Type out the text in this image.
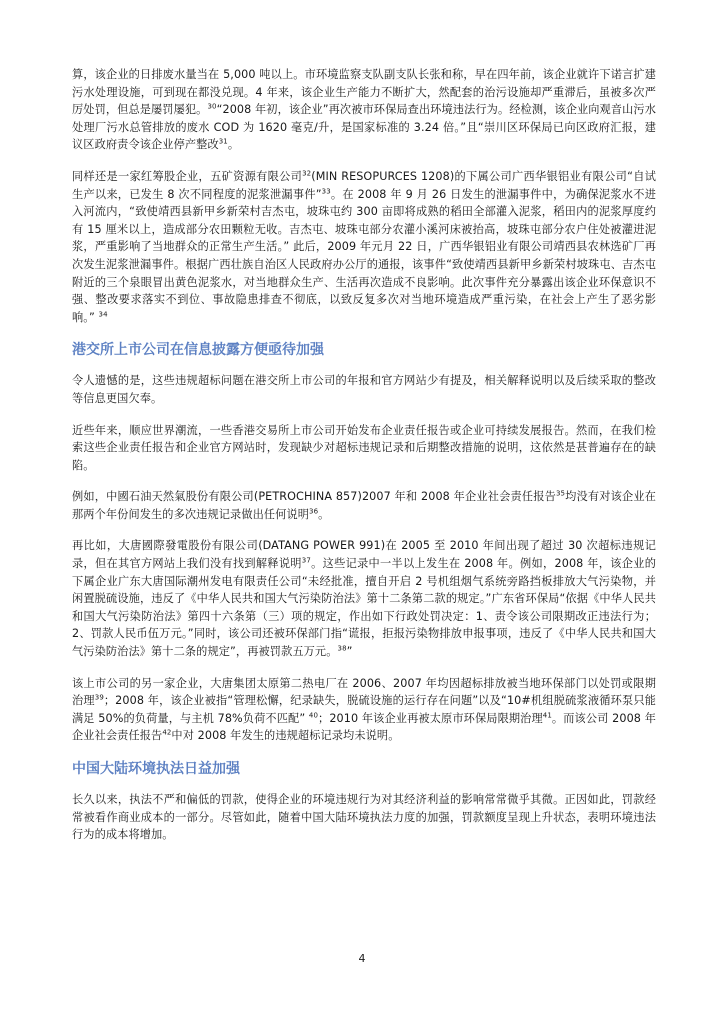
算，该企业的日排废水量当在 5,000 吨以上。市环境监察支队副支队长张和称，早在四年前，该企业就许下诺言扩建污水处理设施，可到现在都没兑现。4 年来，该企业生产能力不断扩大，然配套的治污设施却严重滞后，虽被多次严厉处罚，但总是屡罚屡犯。$^{30}$“2008 年初，该企业”再次被市环保局查出环境违法行为。经检测，该企业向观音山污水处理厂污水总管排放的废水 COD 为 1620 毫克/升，是国家标准的 3.24 倍。”且“崇川区环保局已向区政府汇报，建议区政府责令该企业停产整改$^{31}$。

同样还是一家红筹股企业，五矿资源有限公司$^{32}$(MIN RESOPURCES 1208)的下属公司广西华银铝业有限公司“自试生产以来，已发生 8 次不同程度的泥浆泄漏事件”$^{33}$。在 2008 年 9 月 26 日发生的泄漏事件中，为确保泥浆水不进入河流内，“致使靖西县新甲乡新荣村吉杰屯，坡珠屯约 300 亩即将成熟的稻田全部灌入泥浆，稻田内的泥浆厚度约有 15 厘米以上，造成部分农田颗粒无收。吉杰屯、坡珠屯部分农灌小溪河床被抬高，坡珠屯部分农户住处被灌进泥浆，严重影响了当地群众的正常生产生活。” 此后，2009 年元月 22 日，广西华银铝业有限公司靖西县农林选矿厂再次发生泥浆泄漏事件。根据广西壮族自治区人民政府办公厅的通报，该事件“致使靖西县新甲乡新荣村坡珠屯、吉杰屯附近的三个泉眼冒出黄色泥浆水，对当地群众生产、生活再次造成不良影响。此次事件充分暴露出该企业环保意识不强、整改要求落实不到位、事故隐患排查不彻底，以致反复多次对当地环境造成严重污染，在社会上产生了恶劣影响。” $^{34}$

港交所上市公司在信息披露方便亟待加强

令人遗憾的是，这些违规超标问题在港交所上市公司的年报和官方网站少有提及，相关解释说明以及后续采取的整改等信息更国欠奉。

近些年来，顺应世界潮流，一些香港交易所上市公司开始发布企业责任报告或企业可持续发展报告。然而，在我们检索这些企业责任报告和企业官方网站时，发现缺少对超标违规记录和后期整改措施的说明，这依然是甚普遍存在的缺陷。

例如，中國石油天然氣股份有限公司(PETROCHINA 857)2007 年和 2008 年企业社会责任报告$^{35}$均没有对该企业在那两个年份间发生的多次违规记录做出任何说明$^{36}$。

再比如，大唐國際發電股份有限公司(DATANG POWER 991)在 2005 至 2010 年间出现了超过 30 次超标违规记录，但在其官方网站上我们没有找到解释说明$^{37}$。这些记录中一半以上发生在 2008 年。例如，2008 年，该企业的下属企业广东大唐国际潮州发电有限责任公司“未经批准，擅自开启 2 号机组烟气系统旁路挡板排放大气污染物，并闲置脱硫设施，违反了《中华人民共和国大气污染防治法》第十二条第二款的规定。”广东省环保局“依据《中华人民共和国大气污染防治法》第四十六条第（三）项的规定，作出如下行政处罚决定：1、责令该公司限期改正违法行为；2、罚款人民币伍万元。”同时，该公司还被环保部门指“谎报，拒报污染物排放申报事项，违反了《中华人民共和国大气污染防治法》第十二条的规定”，再被罚款五万元。$^{38}$”

该上市公司的另一家企业，大唐集团太原第二热电厂在 2006、2007 年均因超标排放被当地环保部门以处罚或限期治理$^{39}$；2008 年，该企业被指“管理松懈，纪录缺失，脱硫设施的运行存在问题”以及“10#机组脱硫浆液循环泵只能满足 50%的负荷量，与主机 78%负荷不匹配” $^{40}$；2010 年该企业再被太原市环保局限期治理$^{41}$。而该公司 2008 年企业社会责任报告$^{42}$中对 2008 年发生的违规超标记录均未说明。

中国大陆环境执法日益加强

长久以来，执法不严和偏低的罚款，使得企业的环境违规行为对其经济利益的影响常常微乎其微。正因如此，罚款经常被看作商业成本的一部分。尽管如此，随着中国大陆环境执法力度的加强，罚款额度呈现上升状态，表明环境违法行为的成本将增加。

4
